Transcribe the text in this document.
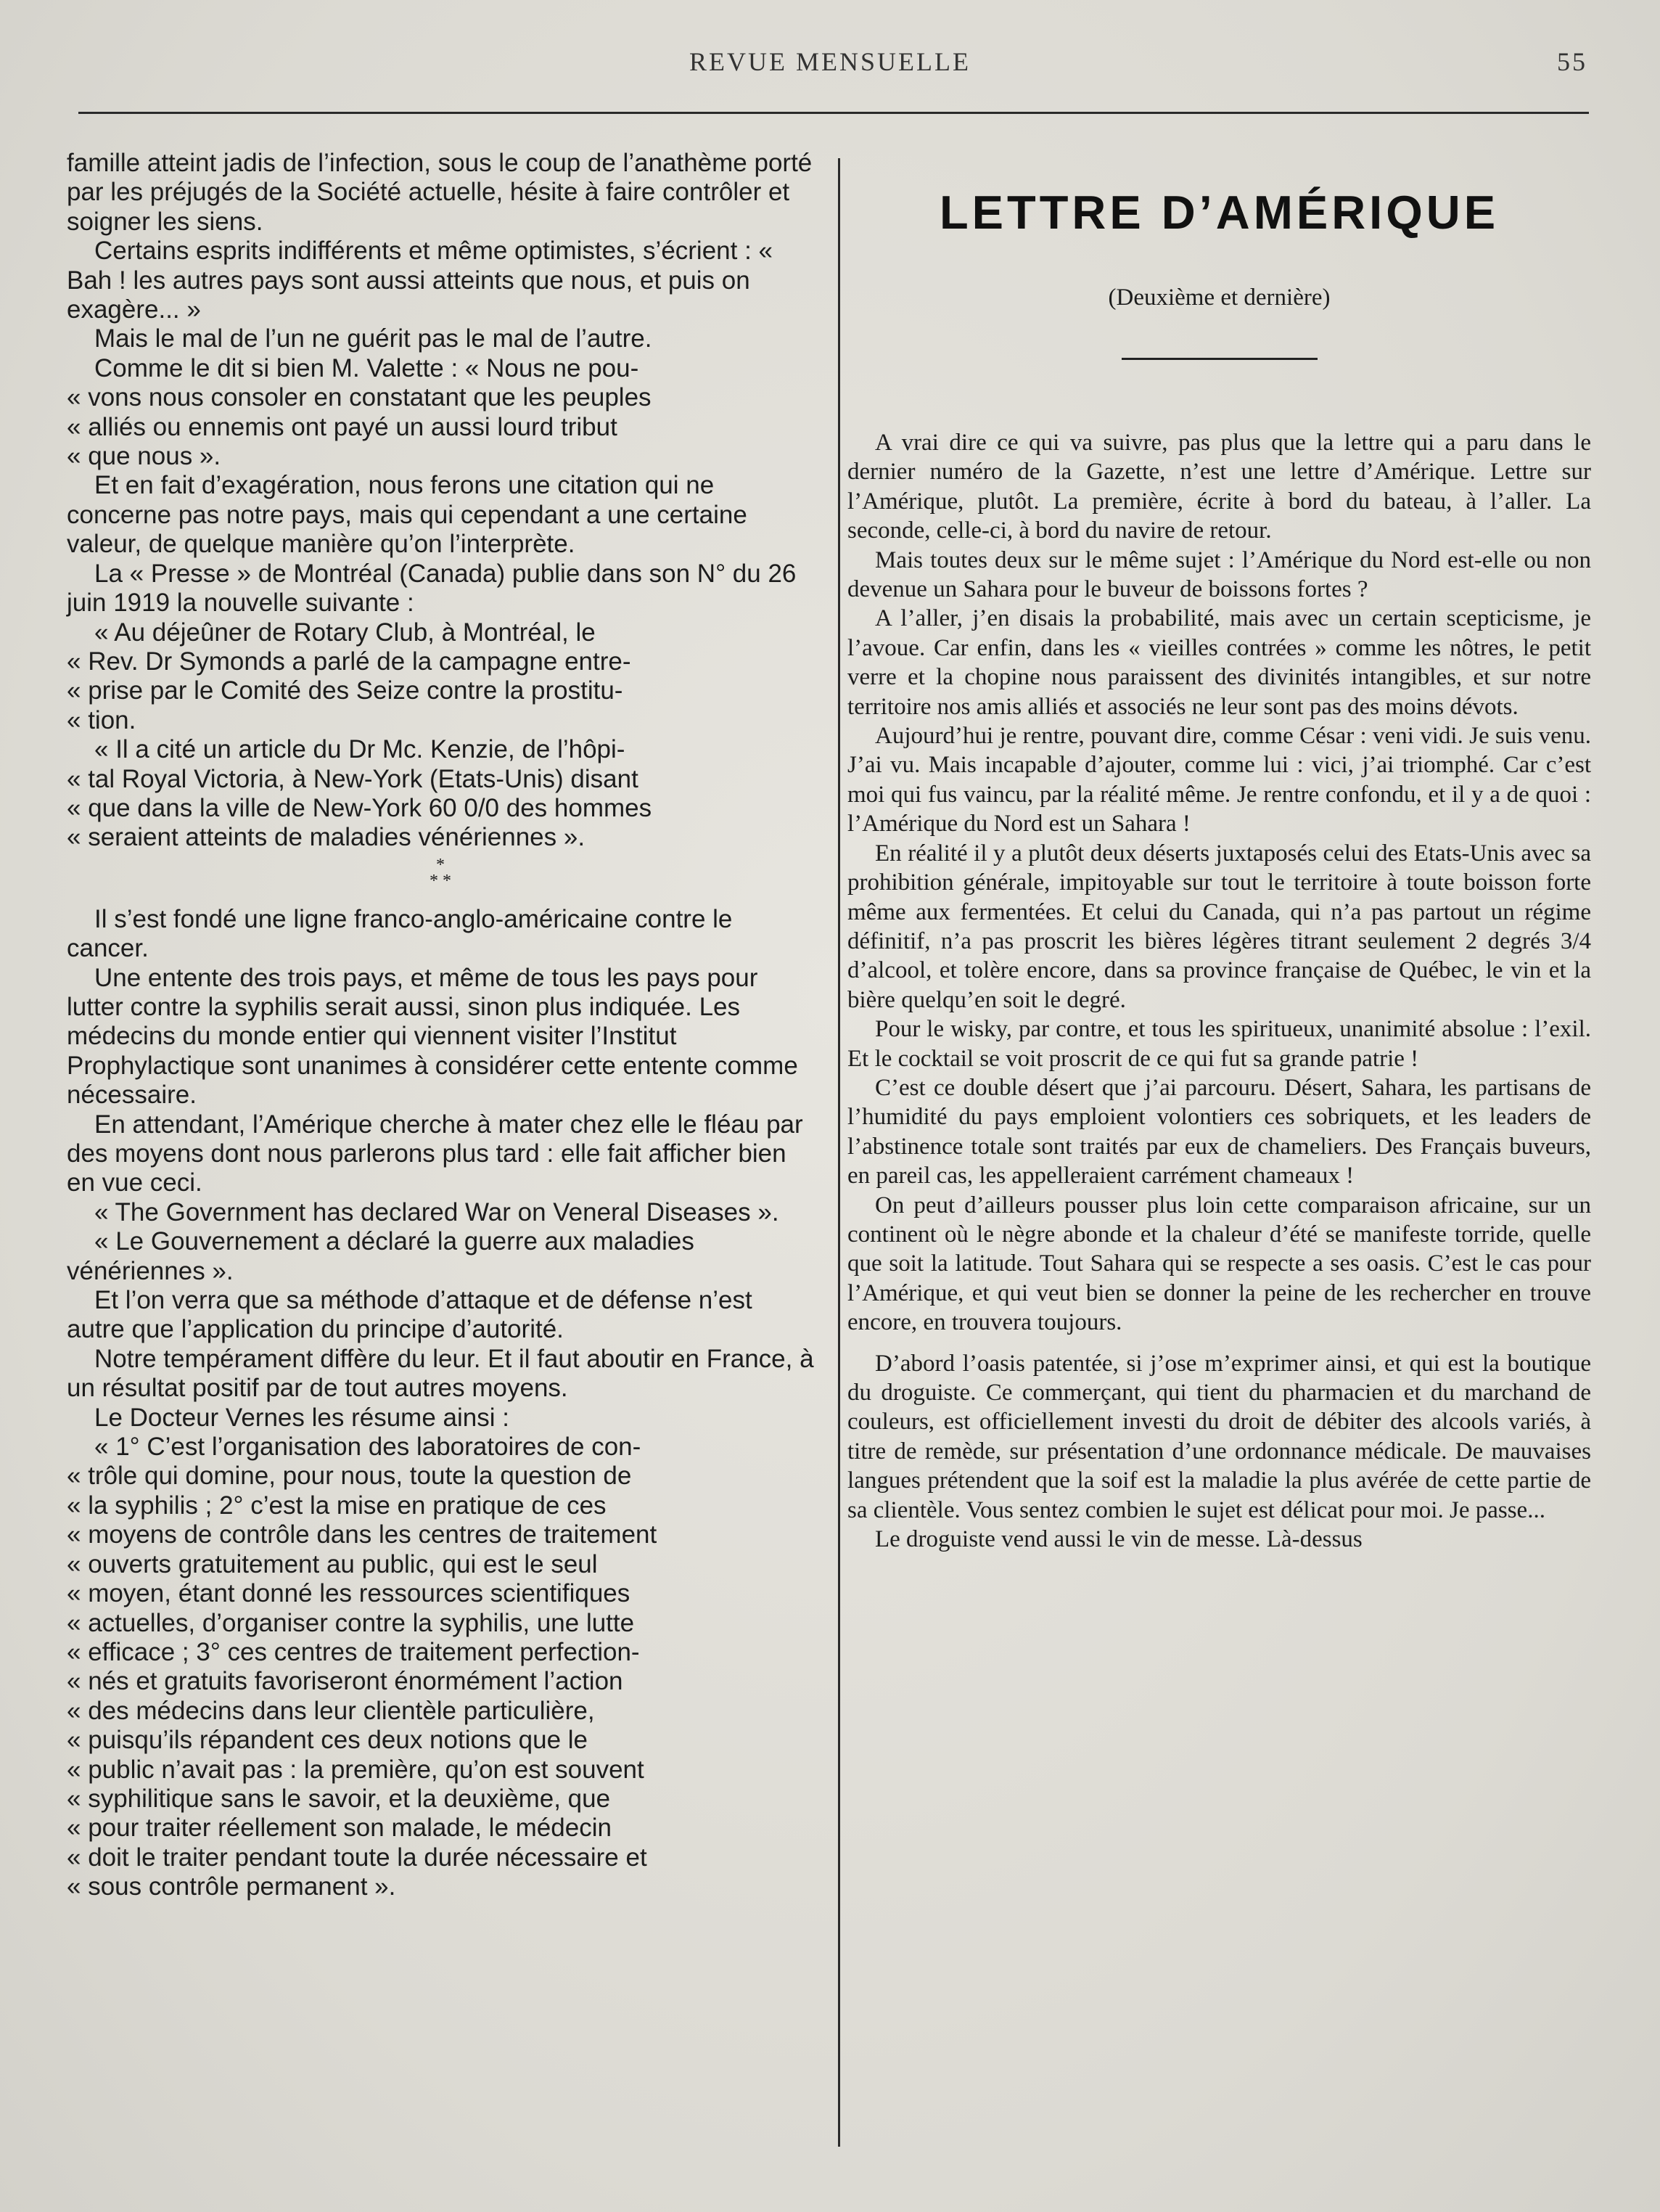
REVUE MENSUELLE	55

famille atteint jadis de l’infection, sous le coup de l’anathème porté par les préjugés de la Société actuelle, hésite à faire contrôler et soigner les siens.

Certains esprits indifférents et même optimistes, s’écrient : « Bah ! les autres pays sont aussi atteints que nous, et puis on exagère... »

Mais le mal de l’un ne guérit pas le mal de l’autre.

Comme le dit si bien M. Valette : « Nous ne pou-

« vons nous consoler en constatant que les peuples

« alliés ou ennemis ont payé un aussi lourd tribut

« que nous ».

Et en fait d’exagération, nous ferons une citation qui ne concerne pas notre pays, mais qui cependant a une certaine valeur, de quelque manière qu’on l’interprète.

La « Presse » de Montréal (Canada) publie dans son N° du 26 juin 1919 la nouvelle suivante :

« Au déjeûner de Rotary Club, à Montréal, le

« Rev. Dr Symonds a parlé de la campagne entre-

« prise par le Comité des Seize contre la prostitu-

« tion.

« Il a cité un article du Dr Mc. Kenzie, de l’hôpi-

« tal Royal Victoria, à New-York (Etats-Unis) disant

« que dans la ville de New-York 60 0/0 des hommes

« seraient atteints de maladies vénériennes ».

*
* *

Il s’est fondé une ligne franco-anglo-américaine contre le cancer.

Une entente des trois pays, et même de tous les pays pour lutter contre la syphilis serait aussi, sinon plus indiquée. Les médecins du monde entier qui viennent visiter l’Institut Prophylactique sont unanimes à considérer cette entente comme nécessaire.

En attendant, l’Amérique cherche à mater chez elle le fléau par des moyens dont nous parlerons plus tard : elle fait afficher bien en vue ceci.

« The Government has declared War on Veneral Diseases ».

« Le Gouvernement a déclaré la guerre aux maladies vénériennes ».

Et l’on verra que sa méthode d’attaque et de défense n’est autre que l’application du principe d’autorité.

Notre tempérament diffère du leur. Et il faut aboutir en France, à un résultat positif par de tout autres moyens.

Le Docteur Vernes les résume ainsi :

« 1° C’est l’organisation des laboratoires de con-

« trôle qui domine, pour nous, toute la question de

« la syphilis ; 2° c’est la mise en pratique de ces

« moyens de contrôle dans les centres de traitement

« ouverts gratuitement au public, qui est le seul

« moyen, étant donné les ressources scientifiques

« actuelles, d’organiser contre la syphilis, une lutte

« efficace ; 3° ces centres de traitement perfection-

« nés et gratuits favoriseront énormément l’action

« des médecins dans leur clientèle particulière,

« puisqu’ils répandent ces deux notions que le

« public n’avait pas : la première, qu’on est souvent

« syphilitique sans le savoir, et la deuxième, que

« pour traiter réellement son malade, le médecin

« doit le traiter pendant toute la durée nécessaire et

« sous contrôle permanent ».

LETTRE D’AMÉRIQUE
(Deuxième et dernière)

A vrai dire ce qui va suivre, pas plus que la lettre qui a paru dans le dernier numéro de la Gazette, n’est une lettre d’Amérique. Lettre sur l’Amérique, plutôt. La première, écrite à bord du bateau, à l’aller. La seconde, celle-ci, à bord du navire de retour.

Mais toutes deux sur le même sujet : l’Amérique du Nord est-elle ou non devenue un Sahara pour le buveur de boissons fortes ?

A l’aller, j’en disais la probabilité, mais avec un certain scepticisme, je l’avoue. Car enfin, dans les « vieilles contrées » comme les nôtres, le petit verre et la chopine nous paraissent des divinités intangibles, et sur notre territoire nos amis alliés et associés ne leur sont pas des moins dévots.

Aujourd’hui je rentre, pouvant dire, comme César : veni vidi. Je suis venu. J’ai vu. Mais incapable d’ajouter, comme lui : vici, j’ai triomphé. Car c’est moi qui fus vaincu, par la réalité même. Je rentre confondu, et il y a de quoi : l’Amérique du Nord est un Sahara !

En réalité il y a plutôt deux déserts juxtaposés celui des Etats-Unis avec sa prohibition générale, impitoyable sur tout le territoire à toute boisson forte même aux fermentées. Et celui du Canada, qui n’a pas partout un régime définitif, n’a pas proscrit les bières légères titrant seulement 2 degrés 3/4 d’alcool, et tolère encore, dans sa province française de Québec, le vin et la bière quelqu’en soit le degré.

Pour le wisky, par contre, et tous les spiritueux, unanimité absolue : l’exil. Et le cocktail se voit proscrit de ce qui fut sa grande patrie !

C’est ce double désert que j’ai parcouru. Désert, Sahara, les partisans de l’humidité du pays emploient volontiers ces sobriquets, et les leaders de l’abstinence totale sont traités par eux de chameliers. Des Français buveurs, en pareil cas, les appelleraient carrément chameaux !

On peut d’ailleurs pousser plus loin cette comparaison africaine, sur un continent où le nègre abonde et la chaleur d’été se manifeste torride, quelle que soit la latitude. Tout Sahara qui se respecte a ses oasis. C’est le cas pour l’Amérique, et qui veut bien se donner la peine de les rechercher en trouve encore, en trouvera toujours.

D’abord l’oasis patentée, si j’ose m’exprimer ainsi, et qui est la boutique du droguiste. Ce commerçant, qui tient du pharmacien et du marchand de couleurs, est officiellement investi du droit de débiter des alcools variés, à titre de remède, sur présentation d’une ordonnance médicale. De mauvaises langues prétendent que la soif est la maladie la plus avérée de cette partie de sa clientèle. Vous sentez combien le sujet est délicat pour moi. Je passe...

Le droguiste vend aussi le vin de messe. Là-dessus
